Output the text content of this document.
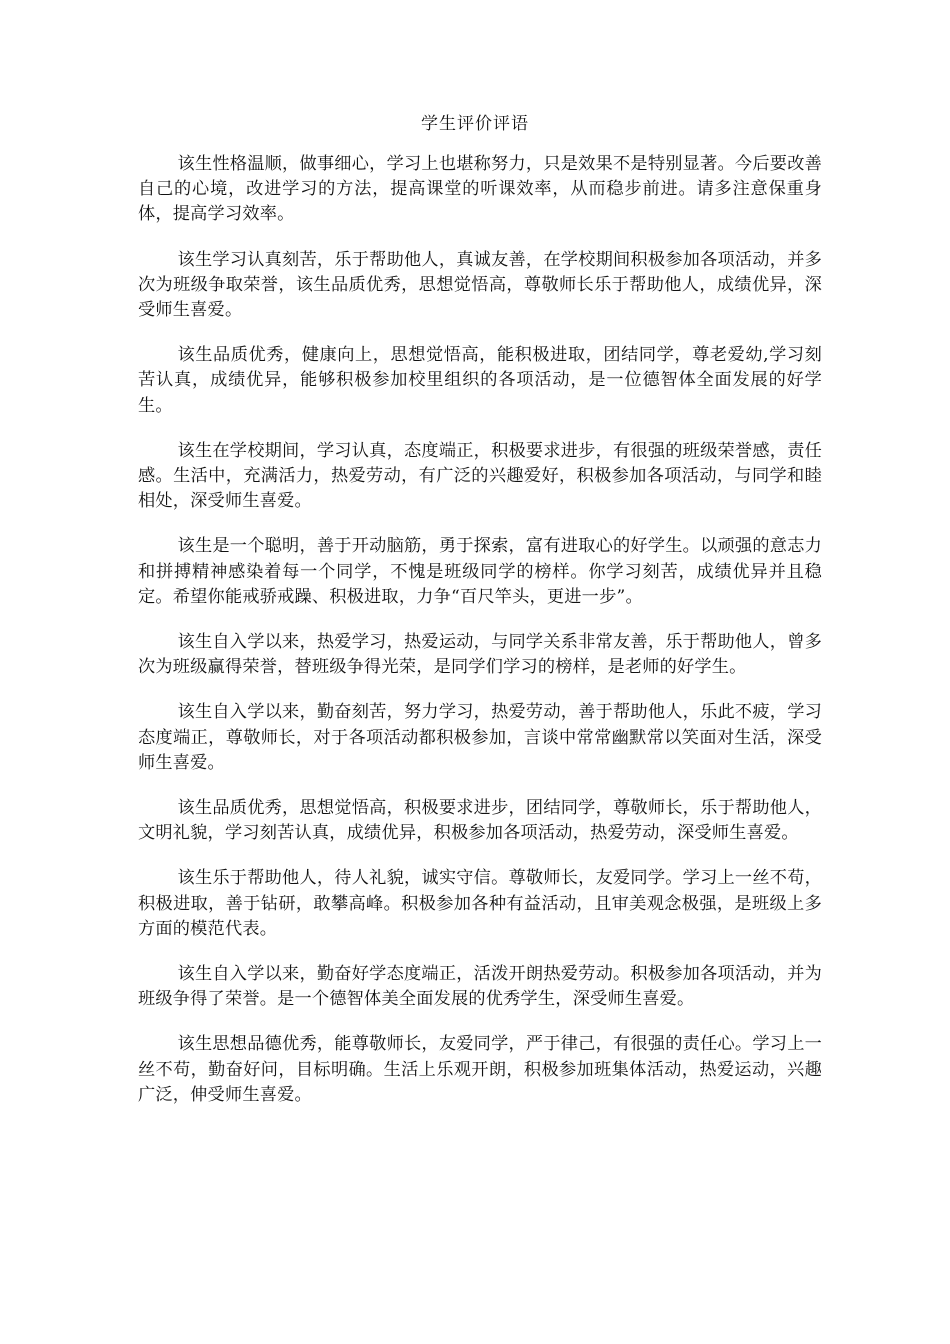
学生评价评语

该生性格温顺，做事细心，学习上也堪称努力，只是效果不是特别显著。今后要改善自己的心境，改进学习的方法，提高课堂的听课效率，从而稳步前进。请多注意保重身体，提高学习效率。

该生学习认真刻苦，乐于帮助他人，真诚友善，在学校期间积极参加各项活动，并多次为班级争取荣誉，该生品质优秀，思想觉悟高，尊敬师长乐于帮助他人，成绩优异，深受师生喜爱。

该生品质优秀，健康向上，思想觉悟高，能积极进取，团结同学，尊老爱幼,学习刻苦认真，成绩优异，能够积极参加校里组织的各项活动，是一位德智体全面发展的好学生。

该生在学校期间，学习认真，态度端正，积极要求进步，有很强的班级荣誉感，责任感。生活中，充满活力，热爱劳动，有广泛的兴趣爱好，积极参加各项活动，与同学和睦相处，深受师生喜爱。

该生是一个聪明，善于开动脑筋，勇于探索，富有进取心的好学生。以顽强的意志力和拼搏精神感染着每一个同学，不愧是班级同学的榜样。你学习刻苦，成绩优异并且稳定。希望你能戒骄戒躁、积极进取，力争“百尺竿头，更进一步”。

该生自入学以来，热爱学习，热爱运动，与同学关系非常友善，乐于帮助他人，曾多次为班级赢得荣誉，替班级争得光荣，是同学们学习的榜样，是老师的好学生。

该生自入学以来，勤奋刻苦，努力学习，热爱劳动，善于帮助他人，乐此不疲，学习态度端正，尊敬师长，对于各项活动都积极参加，言谈中常常幽默常以笑面对生活，深受师生喜爱。

该生品质优秀，思想觉悟高，积极要求进步，团结同学，尊敬师长，乐于帮助他人，文明礼貌，学习刻苦认真，成绩优异，积极参加各项活动，热爱劳动，深受师生喜爱。

该生乐于帮助他人，待人礼貌，诚实守信。尊敬师长，友爱同学。学习上一丝不苟，积极进取，善于钻研，敢攀高峰。积极参加各种有益活动，且审美观念极强，是班级上多方面的模范代表。

该生自入学以来，勤奋好学态度端正，活泼开朗热爱劳动。积极参加各项活动，并为班级争得了荣誉。是一个德智体美全面发展的优秀学生，深受师生喜爱。

该生思想品德优秀，能尊敬师长，友爱同学，严于律己，有很强的责任心。学习上一丝不苟，勤奋好问，目标明确。生活上乐观开朗，积极参加班集体活动，热爱运动，兴趣广泛，伸受师生喜爱。
